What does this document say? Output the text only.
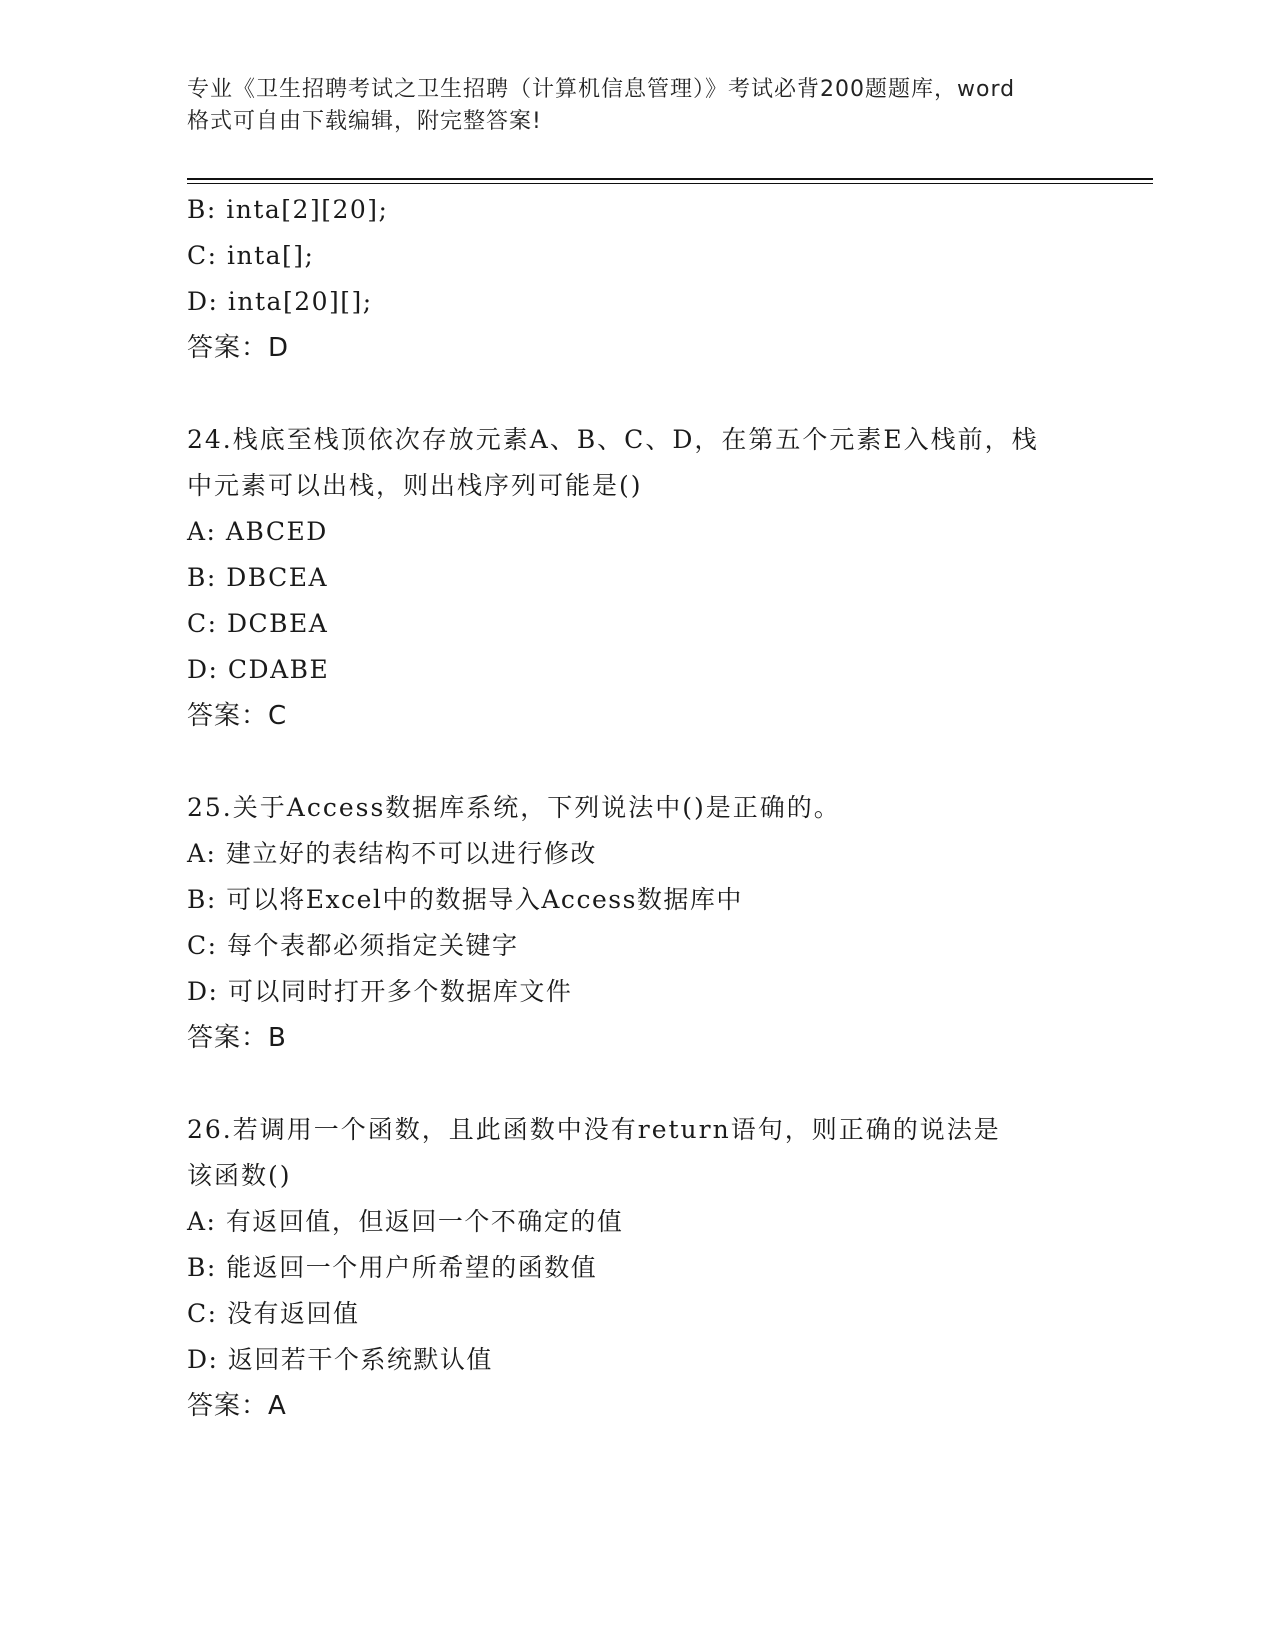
专业《卫生招聘考试之卫生招聘（计算机信息管理）》考试必背200题题库，word
格式可自由下载编辑，附完整答案!
B: inta[2][20];
C: inta[];
D: inta[20][];
答案：D
24.栈底至栈顶依次存放元素A、B、C、D，在第五个元素E入栈前，栈
中元素可以出栈，则出栈序列可能是()
A: ABCED
B: DBCEA
C: DCBEA
D: CDABE
答案：C
25.关于Access数据库系统，下列说法中()是正确的。
A: 建立好的表结构不可以进行修改
B: 可以将Excel中的数据导入Access数据库中
C: 每个表都必须指定关键字
D: 可以同时打开多个数据库文件
答案：B
26.若调用一个函数，且此函数中没有return语句，则正确的说法是
该函数()
A: 有返回值，但返回一个不确定的值
B: 能返回一个用户所希望的函数值
C: 没有返回值
D: 返回若干个系统默认值
答案：A
